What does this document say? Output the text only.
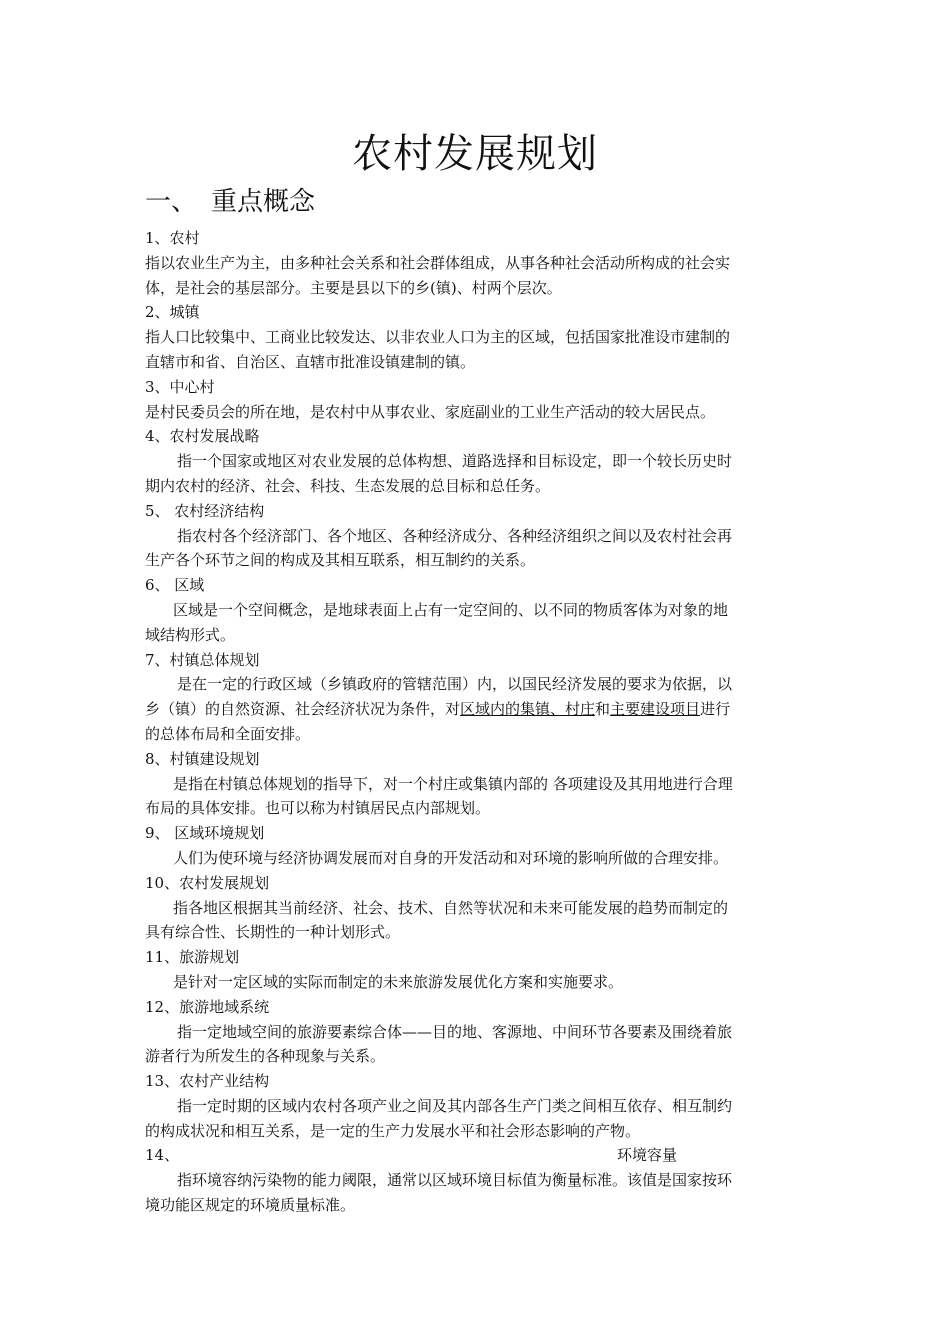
农村发展规划
一、 重点概念
1、农村
指以农业生产为主，由多种社会关系和社会群体组成，从事各种社会活动所构成的社会实
体，是社会的基层部分。主要是县以下的乡(镇)、村两个层次。
2、城镇
指人口比较集中、工商业比较发达、以非农业人口为主的区域，包括国家批准设市建制的
直辖市和省、自治区、直辖市批准设镇建制的镇。
3、中心村
是村民委员会的所在地，是农村中从事农业、家庭副业的工业生产活动的较大居民点。
4、农村发展战略
指一个国家或地区对农业发展的总体构想、道路选择和目标设定，即一个较长历史时
期内农村的经济、社会、科技、生态发展的总目标和总任务。
5、 农村经济结构
指农村各个经济部门、各个地区、各种经济成分、各种经济组织之间以及农村社会再
生产各个环节之间的构成及其相互联系，相互制约的关系。
6、 区域
区域是一个空间概念，是地球表面上占有一定空间的、以不同的物质客体为对象的地
域结构形式。
7、村镇总体规划
是在一定的行政区域（乡镇政府的管辖范围）内，以国民经济发展的要求为依据，以
乡（镇）的自然资源、社会经济状况为条件，对区域内的集镇、村庄和主要建设项目进行
的总体布局和全面安排。
8、村镇建设规划
是指在村镇总体规划的指导下，对一个村庄或集镇内部的 各项建设及其用地进行合理
布局的具体安排。也可以称为村镇居民点内部规划。
9、 区域环境规划
人们为使环境与经济协调发展而对自身的开发活动和对环境的影响所做的合理安排。
10、农村发展规划
指各地区根据其当前经济、社会、技术、自然等状况和未来可能发展的趋势而制定的
具有综合性、长期性的一种计划形式。
11、旅游规划
是针对一定区域的实际而制定的未来旅游发展优化方案和实施要求。
12、旅游地域系统
指一定地域空间的旅游要素综合体——目的地、客源地、中间环节各要素及围绕着旅
游者行为所发生的各种现象与关系。
13、农村产业结构
指一定时期的区域内农村各项产业之间及其内部各生产门类之间相互依存、相互制约
的构成状况和相互关系，是一定的生产力发展水平和社会形态影响的产物。
14、	环境容量
指环境容纳污染物的能力阈限，通常以区域环境目标值为衡量标准。该值是国家按环
境功能区规定的环境质量标准。
